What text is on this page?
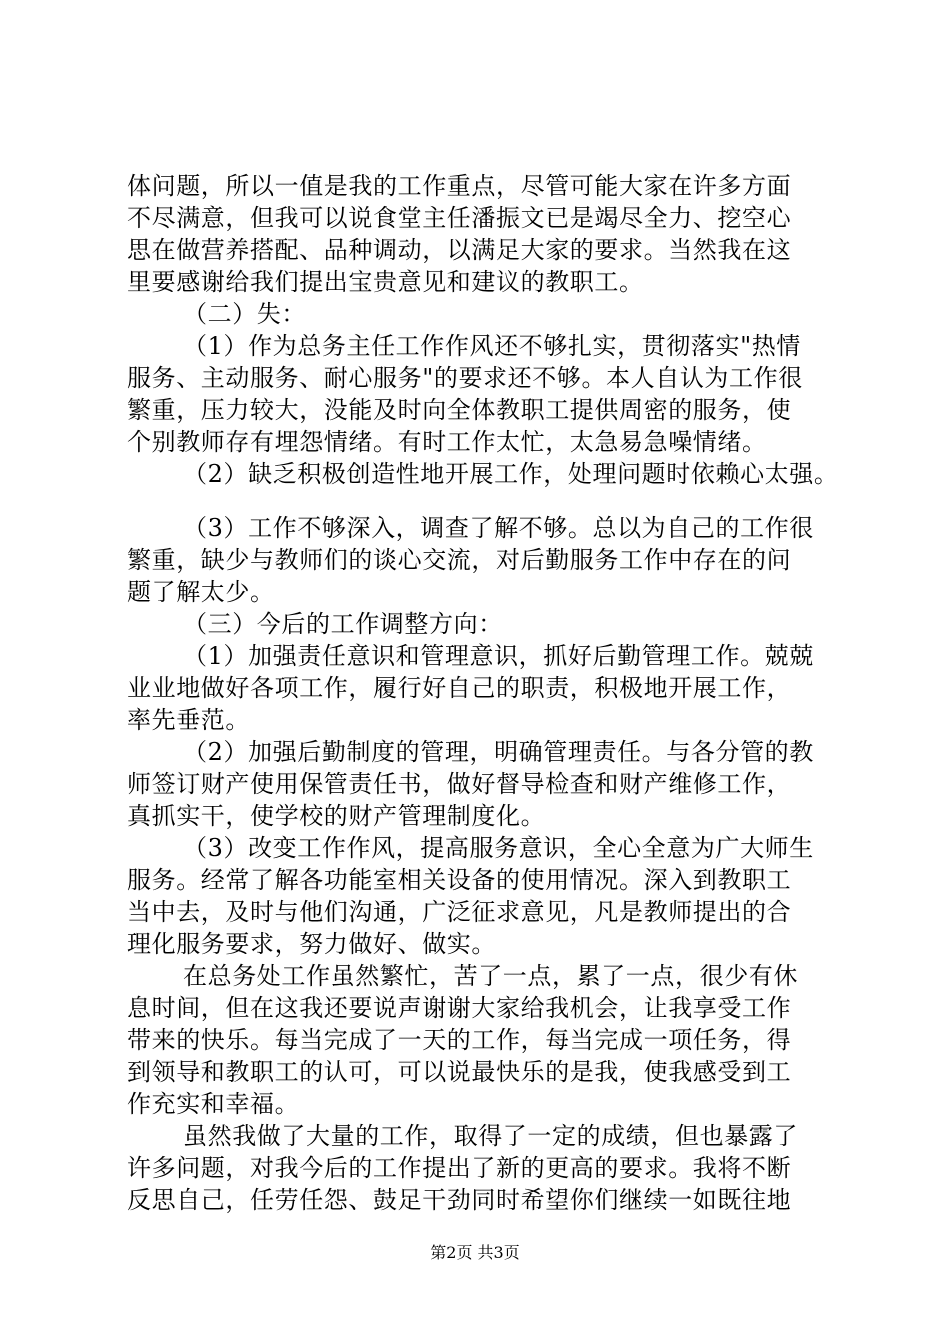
体问题，所以一值是我的工作重点，尽管可能大家在许多方面
不尽满意，但我可以说食堂主任潘振文已是竭尽全力、挖空心
思在做营养搭配、品种调动，以满足大家的要求。当然我在这
里要感谢给我们提出宝贵意见和建议的教职工。
（二）失：
（1）作为总务主任工作作风还不够扎实，贯彻落实"热情
服务、主动服务、耐心服务"的要求还不够。本人自认为工作很
繁重，压力较大，没能及时向全体教职工提供周密的服务，使
个别教师存有埋怨情绪。有时工作太忙，太急易急噪情绪。
（2）缺乏积极创造性地开展工作，处理问题时依赖心太强。
（3）工作不够深入，调查了解不够。总以为自己的工作很
繁重，缺少与教师们的谈心交流，对后勤服务工作中存在的问
题了解太少。
（三）今后的工作调整方向：
（1）加强责任意识和管理意识，抓好后勤管理工作。兢兢
业业地做好各项工作，履行好自己的职责，积极地开展工作，
率先垂范。
（2）加强后勤制度的管理，明确管理责任。与各分管的教
师签订财产使用保管责任书，做好督导检查和财产维修工作，
真抓实干，使学校的财产管理制度化。
（3）改变工作作风，提高服务意识，全心全意为广大师生
服务。经常了解各功能室相关设备的使用情况。深入到教职工
当中去，及时与他们沟通，广泛征求意见，凡是教师提出的合
理化服务要求，努力做好、做实。
在总务处工作虽然繁忙，苦了一点，累了一点，很少有休
息时间，但在这我还要说声谢谢大家给我机会，让我享受工作
带来的快乐。每当完成了一天的工作，每当完成一项任务，得
到领导和教职工的认可，可以说最快乐的是我，使我感受到工
作充实和幸福。
虽然我做了大量的工作，取得了一定的成绩，但也暴露了
许多问题，对我今后的工作提出了新的更高的要求。我将不断
反思自己，任劳任怨、鼓足干劲同时希望你们继续一如既往地
第2页 共3页
